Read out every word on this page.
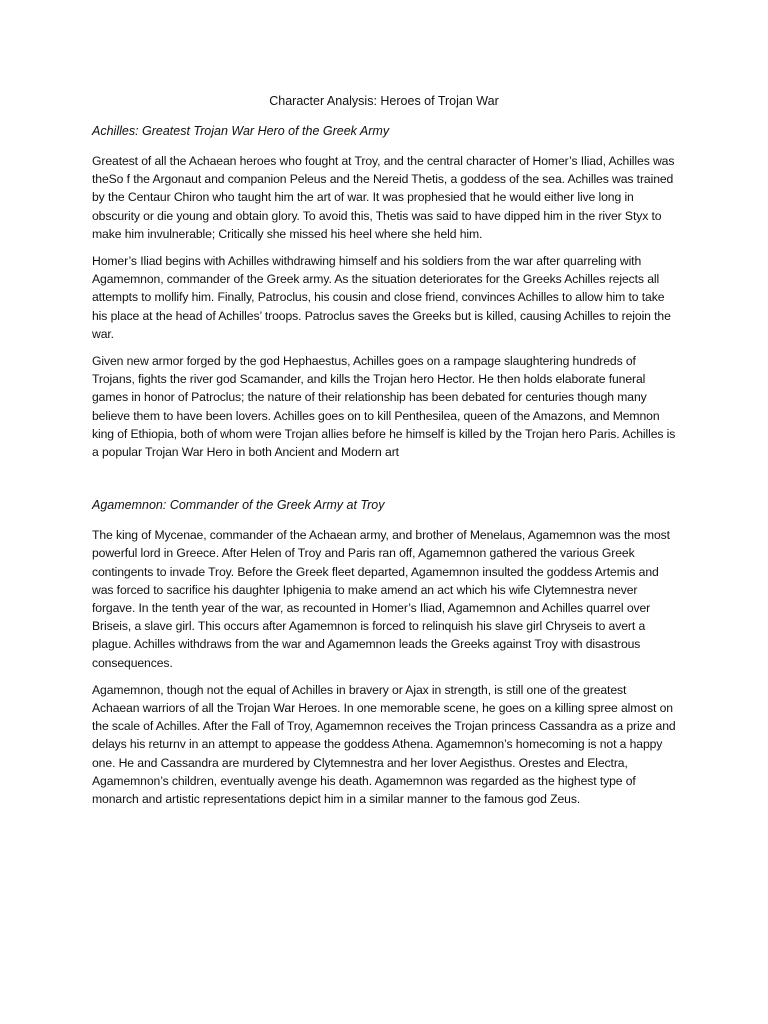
Character Analysis: Heroes of Trojan War
Achilles: Greatest Trojan War Hero of the Greek Army

Greatest of all the Achaean heroes who fought at Troy, and the central character of Homer’s Iliad, Achilles was theSo f the Argonaut and companion Peleus and the Nereid Thetis, a goddess of the sea. Achilles was trained by the Centaur Chiron who taught him the art of war. It was prophesied that he would either live long in obscurity or die young and obtain glory. To avoid this, Thetis was said to have dipped him in the river Styx to make him invulnerable; Critically she missed his heel where she held him.

Homer’s Iliad begins with Achilles withdrawing himself and his soldiers from the war after quarreling with Agamemnon, commander of the Greek army. As the situation deteriorates for the Greeks Achilles rejects all attempts to mollify him. Finally, Patroclus, his cousin and close friend, convinces Achilles to allow him to take his place at the head of Achilles’ troops. Patroclus saves the Greeks but is killed, causing Achilles to rejoin the war.

Given new armor forged by the god Hephaestus, Achilles goes on a rampage slaughtering hundreds of Trojans, fights the river god Scamander, and kills the Trojan hero Hector. He then holds elaborate funeral games in honor of Patroclus; the nature of their relationship has been debated for centuries though many believe them to have been lovers. Achilles goes on to kill Penthesilea, queen of the Amazons, and Memnon king of Ethiopia, both of whom were Trojan allies before he himself is killed by the Trojan hero Paris. Achilles is a popular Trojan War Hero in both Ancient and Modern art

Agamemnon: Commander of the Greek Army at Troy

The king of Mycenae, commander of the Achaean army, and brother of Menelaus, Agamemnon was the most powerful lord in Greece. After Helen of Troy and Paris ran off, Agamemnon gathered the various Greek contingents to invade Troy. Before the Greek fleet departed, Agamemnon insulted the goddess Artemis and was forced to sacrifice his daughter Iphigenia to make amend an act which his wife Clytemnestra never forgave. In the tenth year of the war, as recounted in Homer’s Iliad, Agamemnon and Achilles quarrel over Briseis, a slave girl. This occurs after Agamemnon is forced to relinquish his slave girl Chryseis to avert a plague. Achilles withdraws from the war and Agamemnon leads the Greeks against Troy with disastrous consequences.

Agamemnon, though not the equal of Achilles in bravery or Ajax in strength, is still one of the greatest Achaean warriors of all the Trojan War Heroes. In one memorable scene, he goes on a killing spree almost on the scale of Achilles. After the Fall of Troy, Agamemnon receives the Trojan princess Cassandra as a prize and delays his returnv in an attempt to appease the goddess Athena. Agamemnon’s homecoming is not a happy one. He and Cassandra are murdered by Clytemnestra and her lover Aegisthus. Orestes and Electra, Agamemnon’s children, eventually avenge his death. Agamemnon was regarded as the highest type of monarch and artistic representations depict him in a similar manner to the famous god Zeus.
